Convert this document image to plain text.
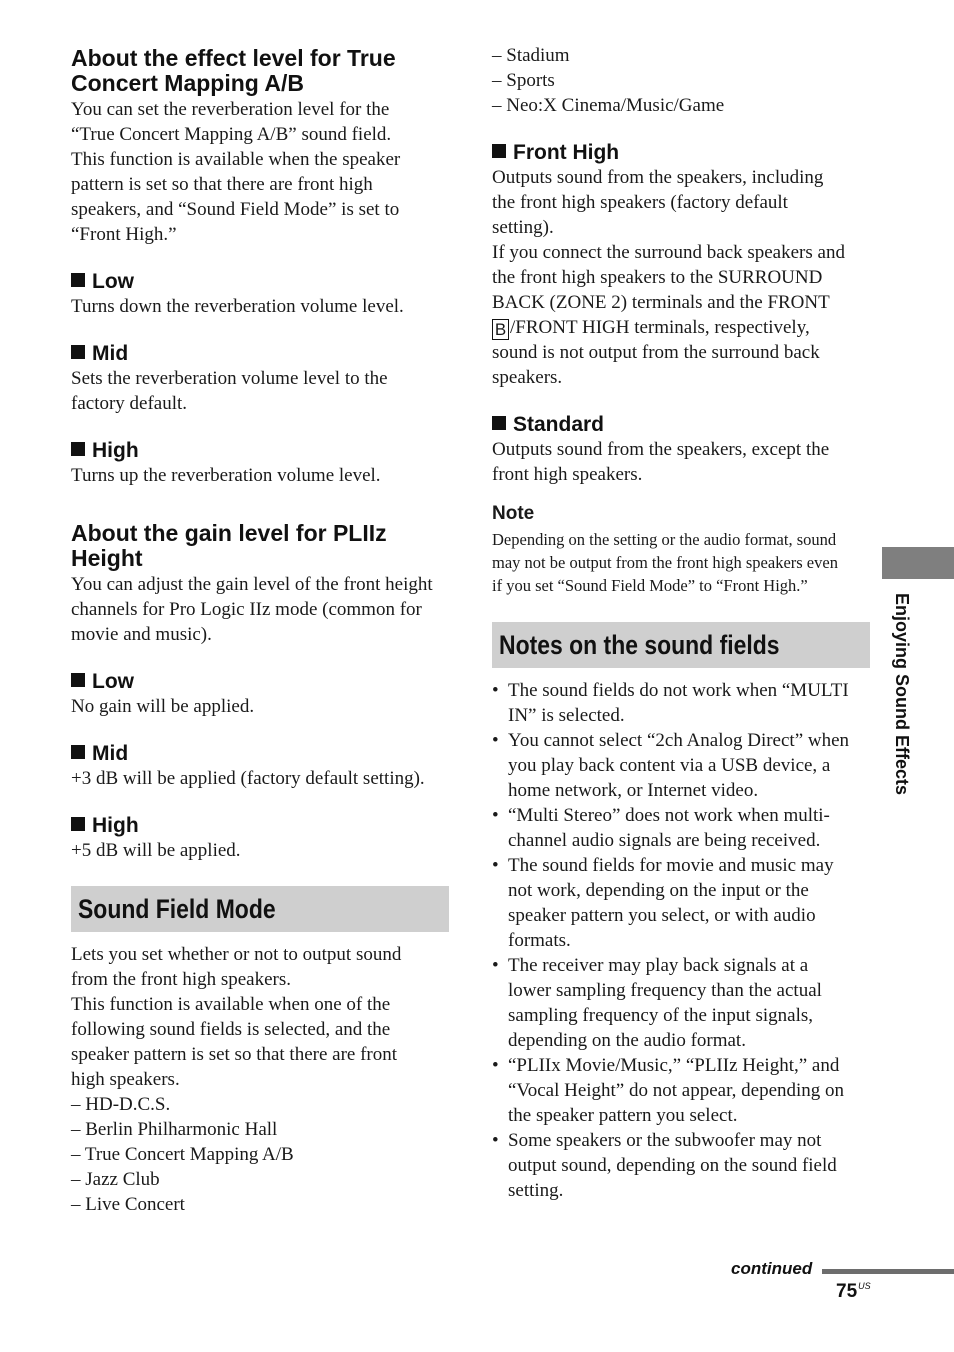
About the effect level for True Concert Mapping A/B
You can set the reverberation level for the
“True Concert Mapping A/B” sound field.
This function is available when the speaker
pattern is set so that there are front high
speakers, and “Sound Field Mode” is set to
“Front High.”
Low
Turns down the reverberation volume level.
Mid
Sets the reverberation volume level to the
factory default.
High
Turns up the reverberation volume level.
About the gain level for PLIIz Height
You can adjust the gain level of the front height
channels for Pro Logic IIz mode (common for
movie and music).
Low
No gain will be applied.
Mid
+3 dB will be applied (factory default setting).
High
+5 dB will be applied.
Sound Field Mode
Lets you set whether or not to output sound
from the front high speakers.
This function is available when one of the
following sound fields is selected, and the
speaker pattern is set so that there are front
high speakers.
– HD-D.C.S.
– Berlin Philharmonic Hall
– True Concert Mapping A/B
– Jazz Club
– Live Concert
– Stadium
– Sports
– Neo:X Cinema/Music/Game
Front High
Outputs sound from the speakers, including
the front high speakers (factory default
setting).
If you connect the surround back speakers and
the front high speakers to the SURROUND
BACK (ZONE 2) terminals and the FRONT
B /FRONT HIGH terminals, respectively,
sound is not output from the surround back
speakers.
Standard
Outputs sound from the speakers, except the
front high speakers.
Note
Depending on the setting or the audio format, sound
may not be output from the front high speakers even
if you set “Sound Field Mode” to “Front High.”
Notes on the sound fields
• The sound fields do not work when “MULTI
IN” is selected.
• You cannot select “2ch Analog Direct” when
you play back content via a USB device, a
home network, or Internet video.
• “Multi Stereo” does not work when multi-
channel audio signals are being received.
• The sound fields for movie and music may
not work, depending on the input or the
speaker pattern you select, or with audio
formats.
• The receiver may play back signals at a
lower sampling frequency than the actual
sampling frequency of the input signals,
depending on the audio format.
• “PLIIx Movie/Music,” “PLIIz Height,” and
“Vocal Height” do not appear, depending on
the speaker pattern you select.
• Some speakers or the subwoofer may not
output sound, depending on the sound field
setting.
Enjoying Sound Effects
continued
$75^{US}$
